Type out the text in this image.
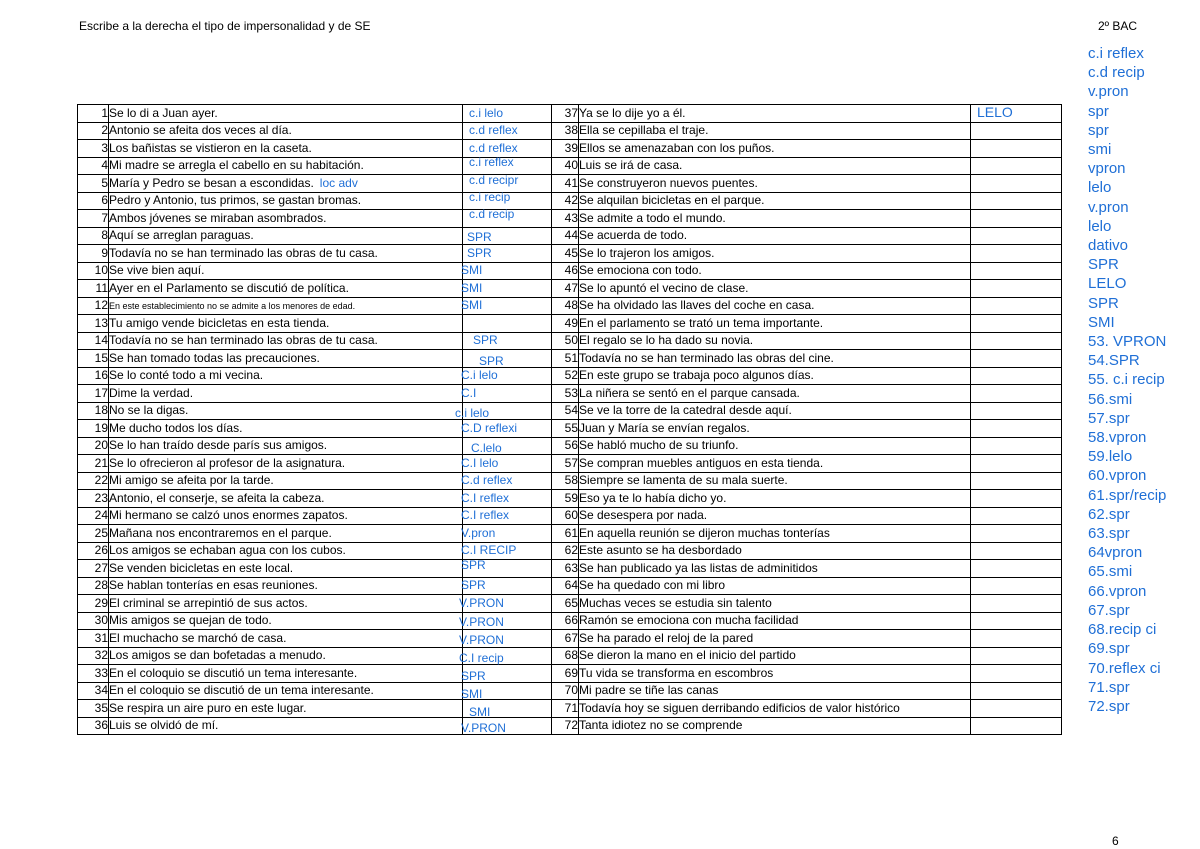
Escribe a la derecha el tipo de impersonalidad y de SE	2º BAC
1	Se lo di a Juan ayer.	c.i lelo	37	Ya se lo dije yo a él.	LELO
2	Antonio se afeita dos veces al día.	c.d reflex	38	Ella se cepillaba el traje.	
3	Los bañistas se vistieron en la caseta.	c.d reflex	39	Ellos se amenazaban con los puños.	
4	Mi madre se arregla el cabello en su habitación.	c.i reflex	40	Luis se irá de casa.	
5	María y Pedro se besan a escondidas. loc adv	c.d recipr	41	Se construyeron nuevos puentes.	
6	Pedro y Antonio, tus primos, se gastan bromas.	c.i recip	42	Se alquilan bicicletas en el parque.	
7	Ambos jóvenes se miraban asombrados.	c.d recip	43	Se admite a todo el mundo.	
8	Aquí se arreglan paraguas.	SPR	44	Se acuerda de todo.	
9	Todavía no se han terminado las obras de tu casa.	SPR	45	Se lo trajeron los amigos.	
10	Se vive bien aquí.	SMI	46	Se emociona con todo.	
11	Ayer en el Parlamento se discutió de política.	SMI	47	Se lo apuntó el vecino de clase.	
12	En este establecimiento no se admite a los menores de edad.	SMI	48	Se ha olvidado las llaves del coche en casa.	
13	Tu amigo vende bicicletas en esta tienda.		49	En el parlamento se trató un tema importante.	
14	Todavía no se han terminado las obras de tu casa.	SPR	50	El regalo se lo ha dado su novia.	
15	Se han tomado todas las precauciones.	SPR	51	Todavía no se han terminado las obras del cine.	
16	Se lo conté todo a mi vecina.	C.i lelo	52	En este grupo se trabaja poco algunos días.	
17	Dime la verdad.	C.I	53	La niñera se sentó en el parque cansada.	
18	No se la digas.	c.i lelo	54	Se ve la torre de la catedral desde aquí.	
19	Me ducho todos los días.	C.D reflexi	55	Juan y María se envían regalos.	
20	Se lo han traído desde parís sus amigos.	C.lelo	56	Se habló mucho de su triunfo.	
21	Se lo ofrecieron al profesor de la asignatura.	C.I lelo	57	Se compran muebles antiguos en esta tienda.	
22	Mi amigo se afeita por la tarde.	C.d reflex	58	Siempre se lamenta de su mala suerte.	
23	Antonio, el conserje, se afeita la cabeza.	C.I reflex	59	Eso ya te lo había dicho yo.	
24	Mi hermano se calzó unos enormes zapatos.	C.I reflex	60	Se desespera por nada.	
25	Mañana nos encontraremos en el parque.	V.pron	61	En aquella reunión se dijeron muchas tonterías	
26	Los amigos se echaban agua con los cubos.	C.I RECIP	62	Este asunto se ha desbordado	
27	Se venden bicicletas en este local.	SPR	63	Se han publicado ya las listas de adminitidos	
28	Se hablan tonterías en esas reuniones.	SPR	64	Se ha quedado con mi libro	
29	El criminal se arrepintió de sus actos.	V.PRON	65	Muchas veces se estudia sin talento	
30	Mis amigos se quejan de todo.	V.PRON	66	Ramón se emociona con mucha facilidad	
31	El muchacho se marchó de casa.	V.PRON	67	Se ha parado el reloj de la pared	
32	Los amigos se dan bofetadas a menudo.	C.I recip	68	Se dieron la mano en el inicio del partido	
33	En el coloquio se discutió un tema interesante.	SPR	69	Tu vida se transforma en escombros	
34	En el coloquio se discutió de un tema interesante.	SMI	70	Mi padre se tiñe las canas	
35	Se respira un aire puro en este lugar.	SMI	71	Todavía hoy se siguen derribando edificios de valor histórico	
36	Luis se olvidó de mí.	V.PRON	72	Tanta idiotez no se comprende	
c.i reflex
c.d recip
v.pron
spr
spr
smi
vpron
lelo
v.pron
lelo
dativo
SPR
LELO
SPR
SMI
53. VPRON
54.SPR
55. c.i recip
56.smi
57.spr
58.vpron
59.lelo
60.vpron
61.spr/recip
62.spr
63.spr
64vpron
65.smi
66.vpron
67.spr
68.recip ci
69.spr
70.reflex ci
71.spr
72.spr
6
